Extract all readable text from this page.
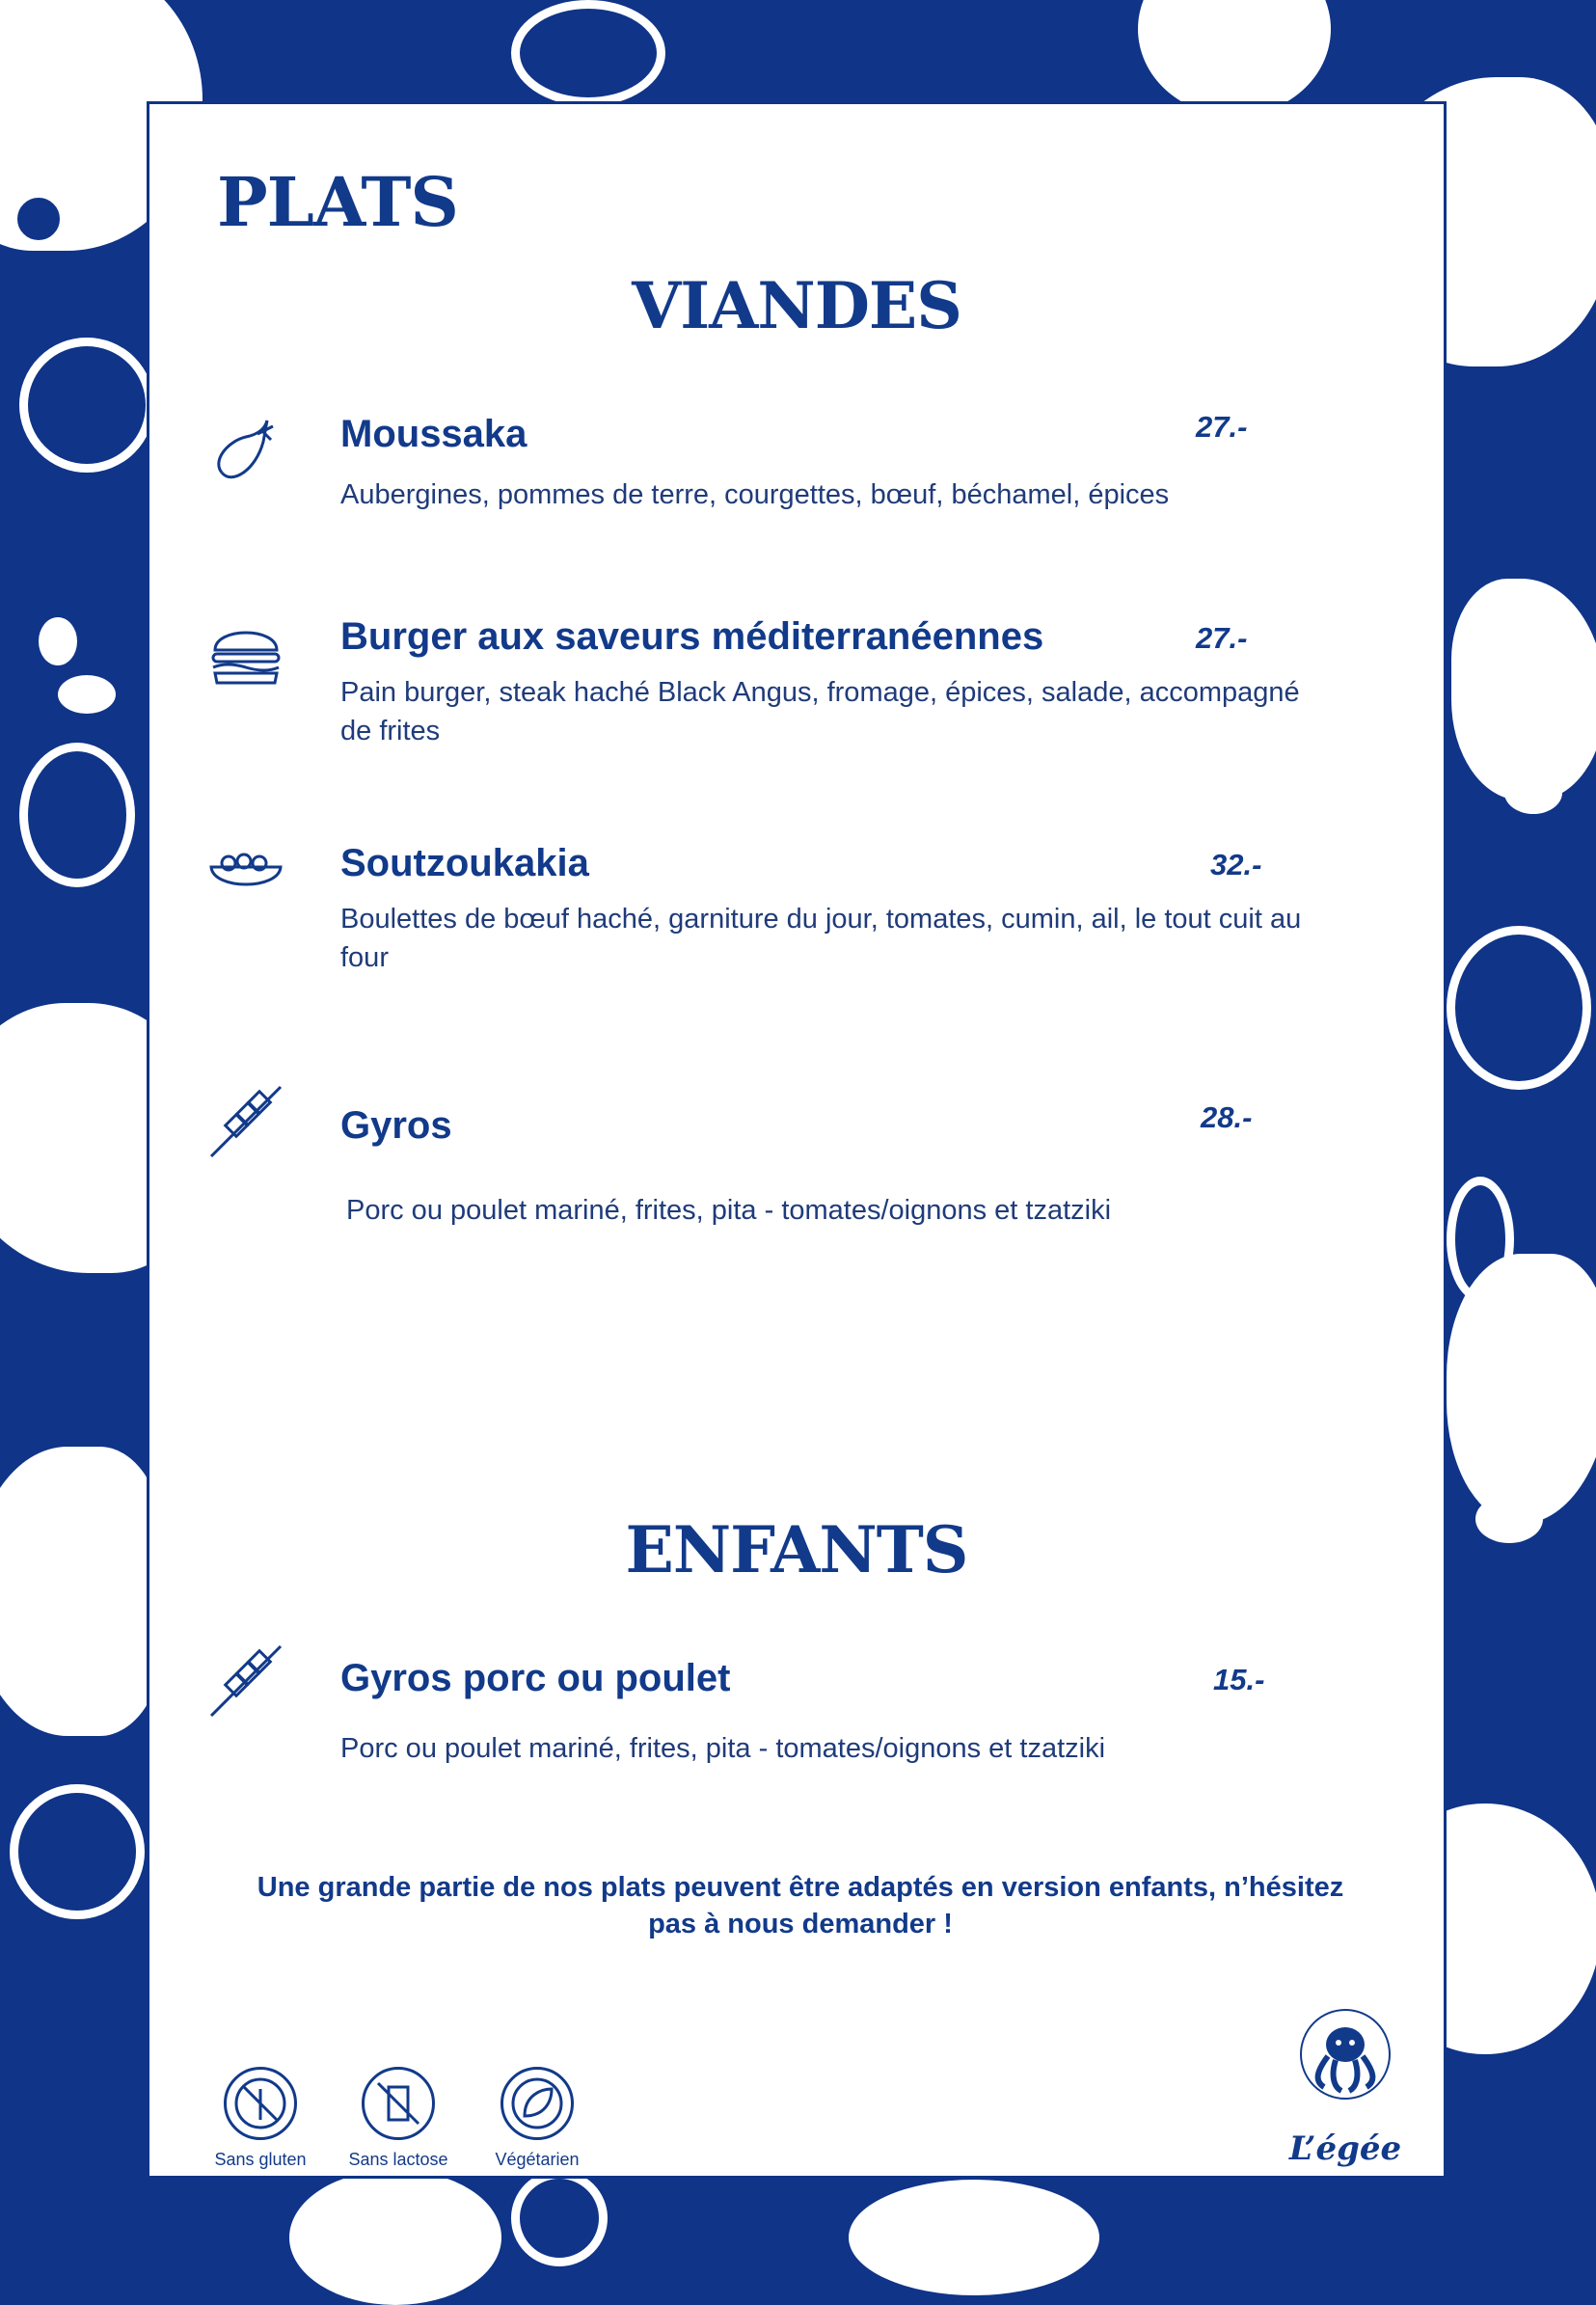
PLATS
VIANDES

Moussaka	27.-

Aubergines, pommes de terre, courgettes, bœuf, béchamel, épices

Burger aux saveurs méditerranéennes	27.-

Pain burger, steak haché Black Angus, fromage, épices, salade, accompagné de frites

Soutzoukakia	32.-

Boulettes de bœuf haché, garniture du jour, tomates, cumin, ail, le tout cuit au four

Gyros	28.-

Porc ou poulet mariné, frites, pita - tomates/oignons et tzatziki

ENFANTS

Gyros porc ou poulet	15.-

Porc ou poulet mariné, frites, pita - tomates/oignons et tzatziki

Une grande partie de nos plats peuvent être adaptés en version enfants, n’hésitez pas à nous demander !

Sans gluten	Sans lactose	Végétarien	L’égée
